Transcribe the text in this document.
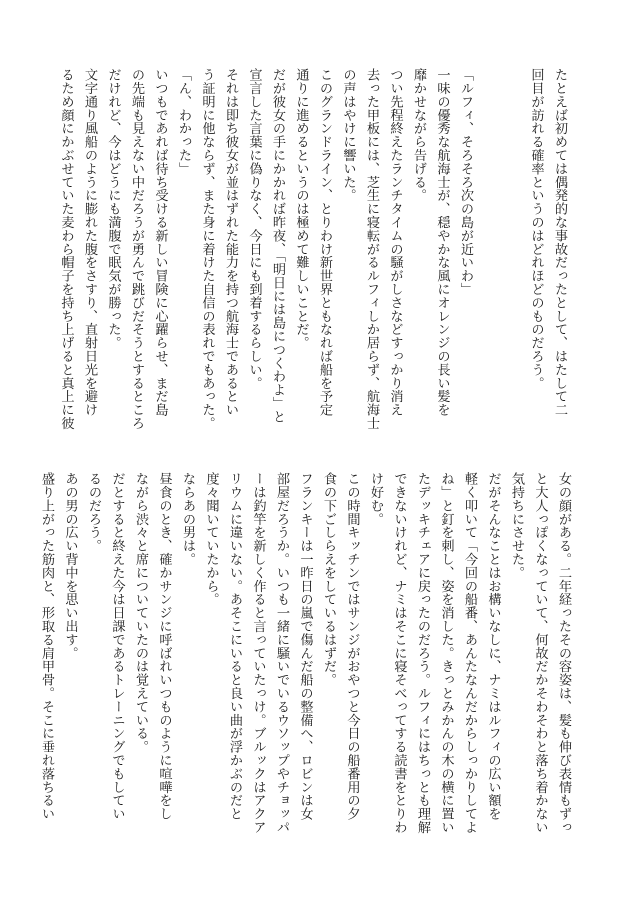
たとえば初めては偶発的な事故だったとして、はたして二
回目が訪れる確率というのはどれほどのものだろう。

「ルフィ、そろそろ次の島が近いわ」
一味の優秀な航海士が、穏やかな風にオレンジの長い髪を
靡かせながら告げる。
つい先程終えたランチタイムの騒がしさなどすっかり消え
去った甲板には、芝生に寝転がるルフィしか居らず、航海士
の声はやけに響いた。
このグランドライン、とりわけ新世界ともなれば船を予定
通りに進めるというのは極めて難しいことだ。
だが彼女の手にかかれば昨夜、「明日には島につくわよ」と
宣言した言葉に偽りなく、今日にも到着するらしい。
それは即ち彼女が並はずれた能力を持つ航海士であるとい
う証明に他ならず、また身に着けた自信の表れでもあった。
「ん、わかった」
いつもであれば待ち受ける新しい冒険に心躍らせ、まだ島
の先端も見えない中だろうが勇んで跳びだそうとするところ
だけれど、今はどうにも満腹で眠気が勝った。
文字通り風船のように膨れた腹をさすり、直射日光を避け
るため顔にかぶせていた麦わら帽子を持ち上げると真上に彼
女の顔がある。二年経ったその容姿は、髪も伸び表情もずっ
と大人っぽくなっていて、何故だかそわそわと落ち着かない
気持ちにさせた。
だがそんなことはお構いなしに、ナミはルフィの広い額を
軽く叩いて「今回の船番、あんたなんだからしっかりしてよ
ね」と釘を刺し、姿を消した。きっとみかんの木の横に置い
たデッキチェアに戻ったのだろう。ルフィにはちっとも理解
できないけれど、ナミはそこに寝そべってする読書をとりわ
け好む。
この時間キッチンではサンジがおやつと今日の船番用の夕
食の下ごしらえをしているはずだ。
フランキーは一昨日の嵐で傷んだ船の整備へ、ロビンは女
部屋だろうか。いつも一緒に騒いでいるウソップやチョッパ
ーは釣竿を新しく作ると言っていたっけ。ブルックはアクア
リウムに違いない。あそこにいると良い曲が浮かぶのだと
度々聞いていたから。
ならあの男は。
昼食のとき、確かサンジに呼ばれいつものように喧嘩をし
ながら渋々と席についていたのは覚えている。
だとすると終えた今は日課であるトレーニングでもしてい
るのだろう。
あの男の広い背中を思い出す。
盛り上がった筋肉と、形取る肩甲骨。そこに垂れ落ちるい
